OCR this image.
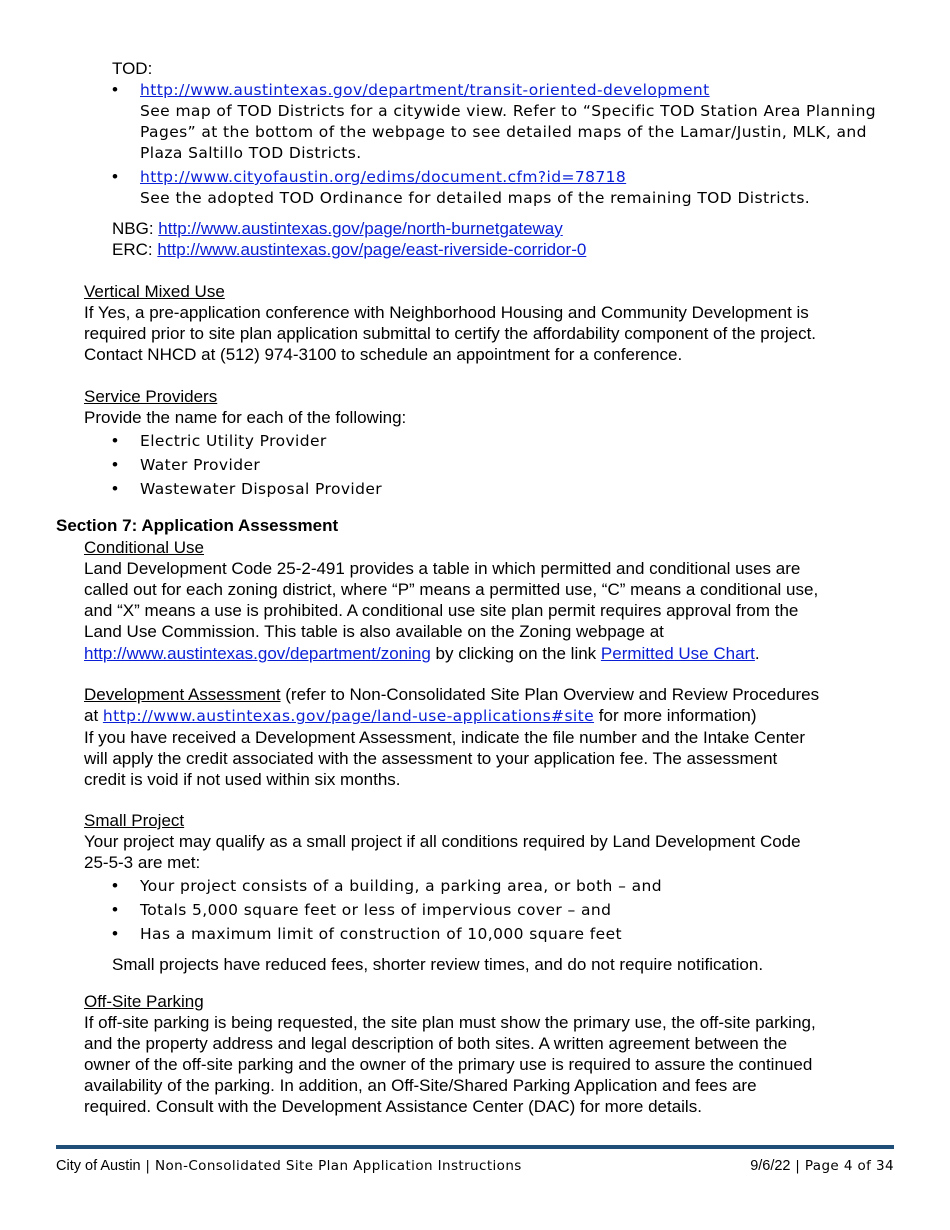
TOD:
• http://www.austintexas.gov/department/transit-oriented-development
See map of TOD Districts for a citywide view. Refer to “Specific TOD Station Area Planning
Pages” at the bottom of the webpage to see detailed maps of the Lamar/Justin, MLK, and
Plaza Saltillo TOD Districts.
• http://www.cityofaustin.org/edims/document.cfm?id=78718
See the adopted TOD Ordinance for detailed maps of the remaining TOD Districts.
NBG: http://www.austintexas.gov/page/north-burnetgateway
ERC: http://www.austintexas.gov/page/east-riverside-corridor-0
Vertical Mixed Use
If Yes, a pre-application conference with Neighborhood Housing and Community Development is
required prior to site plan application submittal to certify the affordability component of the project.
Contact NHCD at (512) 974-3100 to schedule an appointment for a conference.
Service Providers
Provide the name for each of the following:
• Electric Utility Provider
• Water Provider
• Wastewater Disposal Provider
Section 7: Application Assessment
Conditional Use
Land Development Code 25-2-491 provides a table in which permitted and conditional uses are
called out for each zoning district, where “P” means a permitted use, “C” means a conditional use,
and “X” means a use is prohibited. A conditional use site plan permit requires approval from the
Land Use Commission. This table is also available on the Zoning webpage at
http://www.austintexas.gov/department/zoning by clicking on the link Permitted Use Chart.
Development Assessment (refer to Non-Consolidated Site Plan Overview and Review Procedures
at http://www.austintexas.gov/page/land-use-applications#site for more information)
If you have received a Development Assessment, indicate the file number and the Intake Center
will apply the credit associated with the assessment to your application fee. The assessment
credit is void if not used within six months.
Small Project
Your project may qualify as a small project if all conditions required by Land Development Code
25-5-3 are met:
• Your project consists of a building, a parking area, or both – and
• Totals 5,000 square feet or less of impervious cover – and
• Has a maximum limit of construction of 10,000 square feet
Small projects have reduced fees, shorter review times, and do not require notification.
Off-Site Parking
If off-site parking is being requested, the site plan must show the primary use, the off-site parking,
and the property address and legal description of both sites. A written agreement between the
owner of the off-site parking and the owner of the primary use is required to assure the continued
availability of the parking. In addition, an Off-Site/Shared Parking Application and fees are
required. Consult with the Development Assistance Center (DAC) for more details.
City of Austin | Non-Consolidated Site Plan Application Instructions	9/6/22 | Page 4 of 34
